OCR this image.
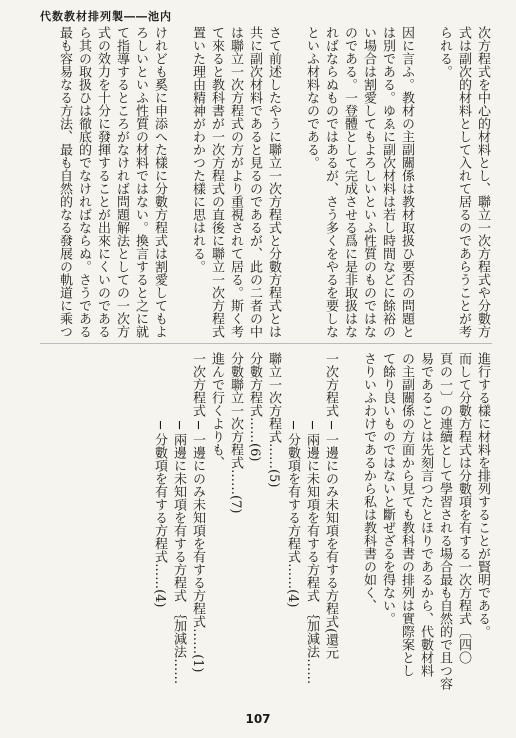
代数教材排列製――池内
次方程式を中心的材料とし、聯立一次方程式や分數方
式は副次的材料として入れて居るのであらうことが考
られる。
因に言ふ。教材の主副關係は教材取扱ひ要否の問題と
は別である。ゆゑに副次材料は若し時間などに餘裕の
い場合は割愛してもよろしいといふ性質のものではな
のである。一登體として完成させる爲に是非取扱はな
ればならぬものではあるが、さう多くをやるを要しな
といふ材料なのである。
さて前述したやうに聯立一次方程式と分數方程式とは
共に副次材料であると見るのであるが、此の二者の中
は聯立一次方程式の方がより重視されて居る。斯く考
て來ると教科書が一次方程式の直後に聯立一次方程式
置いた理由精神がわかつた樣に思はれる。
けれども奚に申添へた樣に分數方程式は割愛してもよ
ろしいといふ性質の材料ではない。換言すると之に就
て指導するところがなければ問題解法としての一次方
式の效力を十分に發揮することが出來にくいのである
ら其の取扱ひは徹底的でなければならぬ。さうである
最も容易なる方法、最も自然的なる發展の軌道に乘つ
進行する樣に材料を排列することが賢明である。
而して分數方程式は分數項を有する一次方程式〔四〇
頁の一〕の連續として學習される場合最も自然的で且つ容
易であることは先刻言つたとほりであるから、代數材料
の主副關係の方面から見ても教科書の排列は實際案とし
て餘り良いものではないと斷ぜざるを得ない。
さりいふわけであるから私は教科書の如く、
一次方程式 ─ 一邊にのみ未知項を有する方程式(還元
　　　　　 ─ 兩邊に未知項を有する方程式 ｛加減法……　
　　　　　 ─ 分數項を有する方程式……(4)
聯立一次方程式……(5)
分數方程式……(6)
分數聯立一次方程式……(7)
進んで行くよりも、
一次方程式 ─ 一邊にのみ未知項を有する方程式……(1)
　　　　　 ─ 兩邊に未知項を有する方程式 ｛加減法……　
　　　　　 ─ 分數項を有する方程式……(4)
107
